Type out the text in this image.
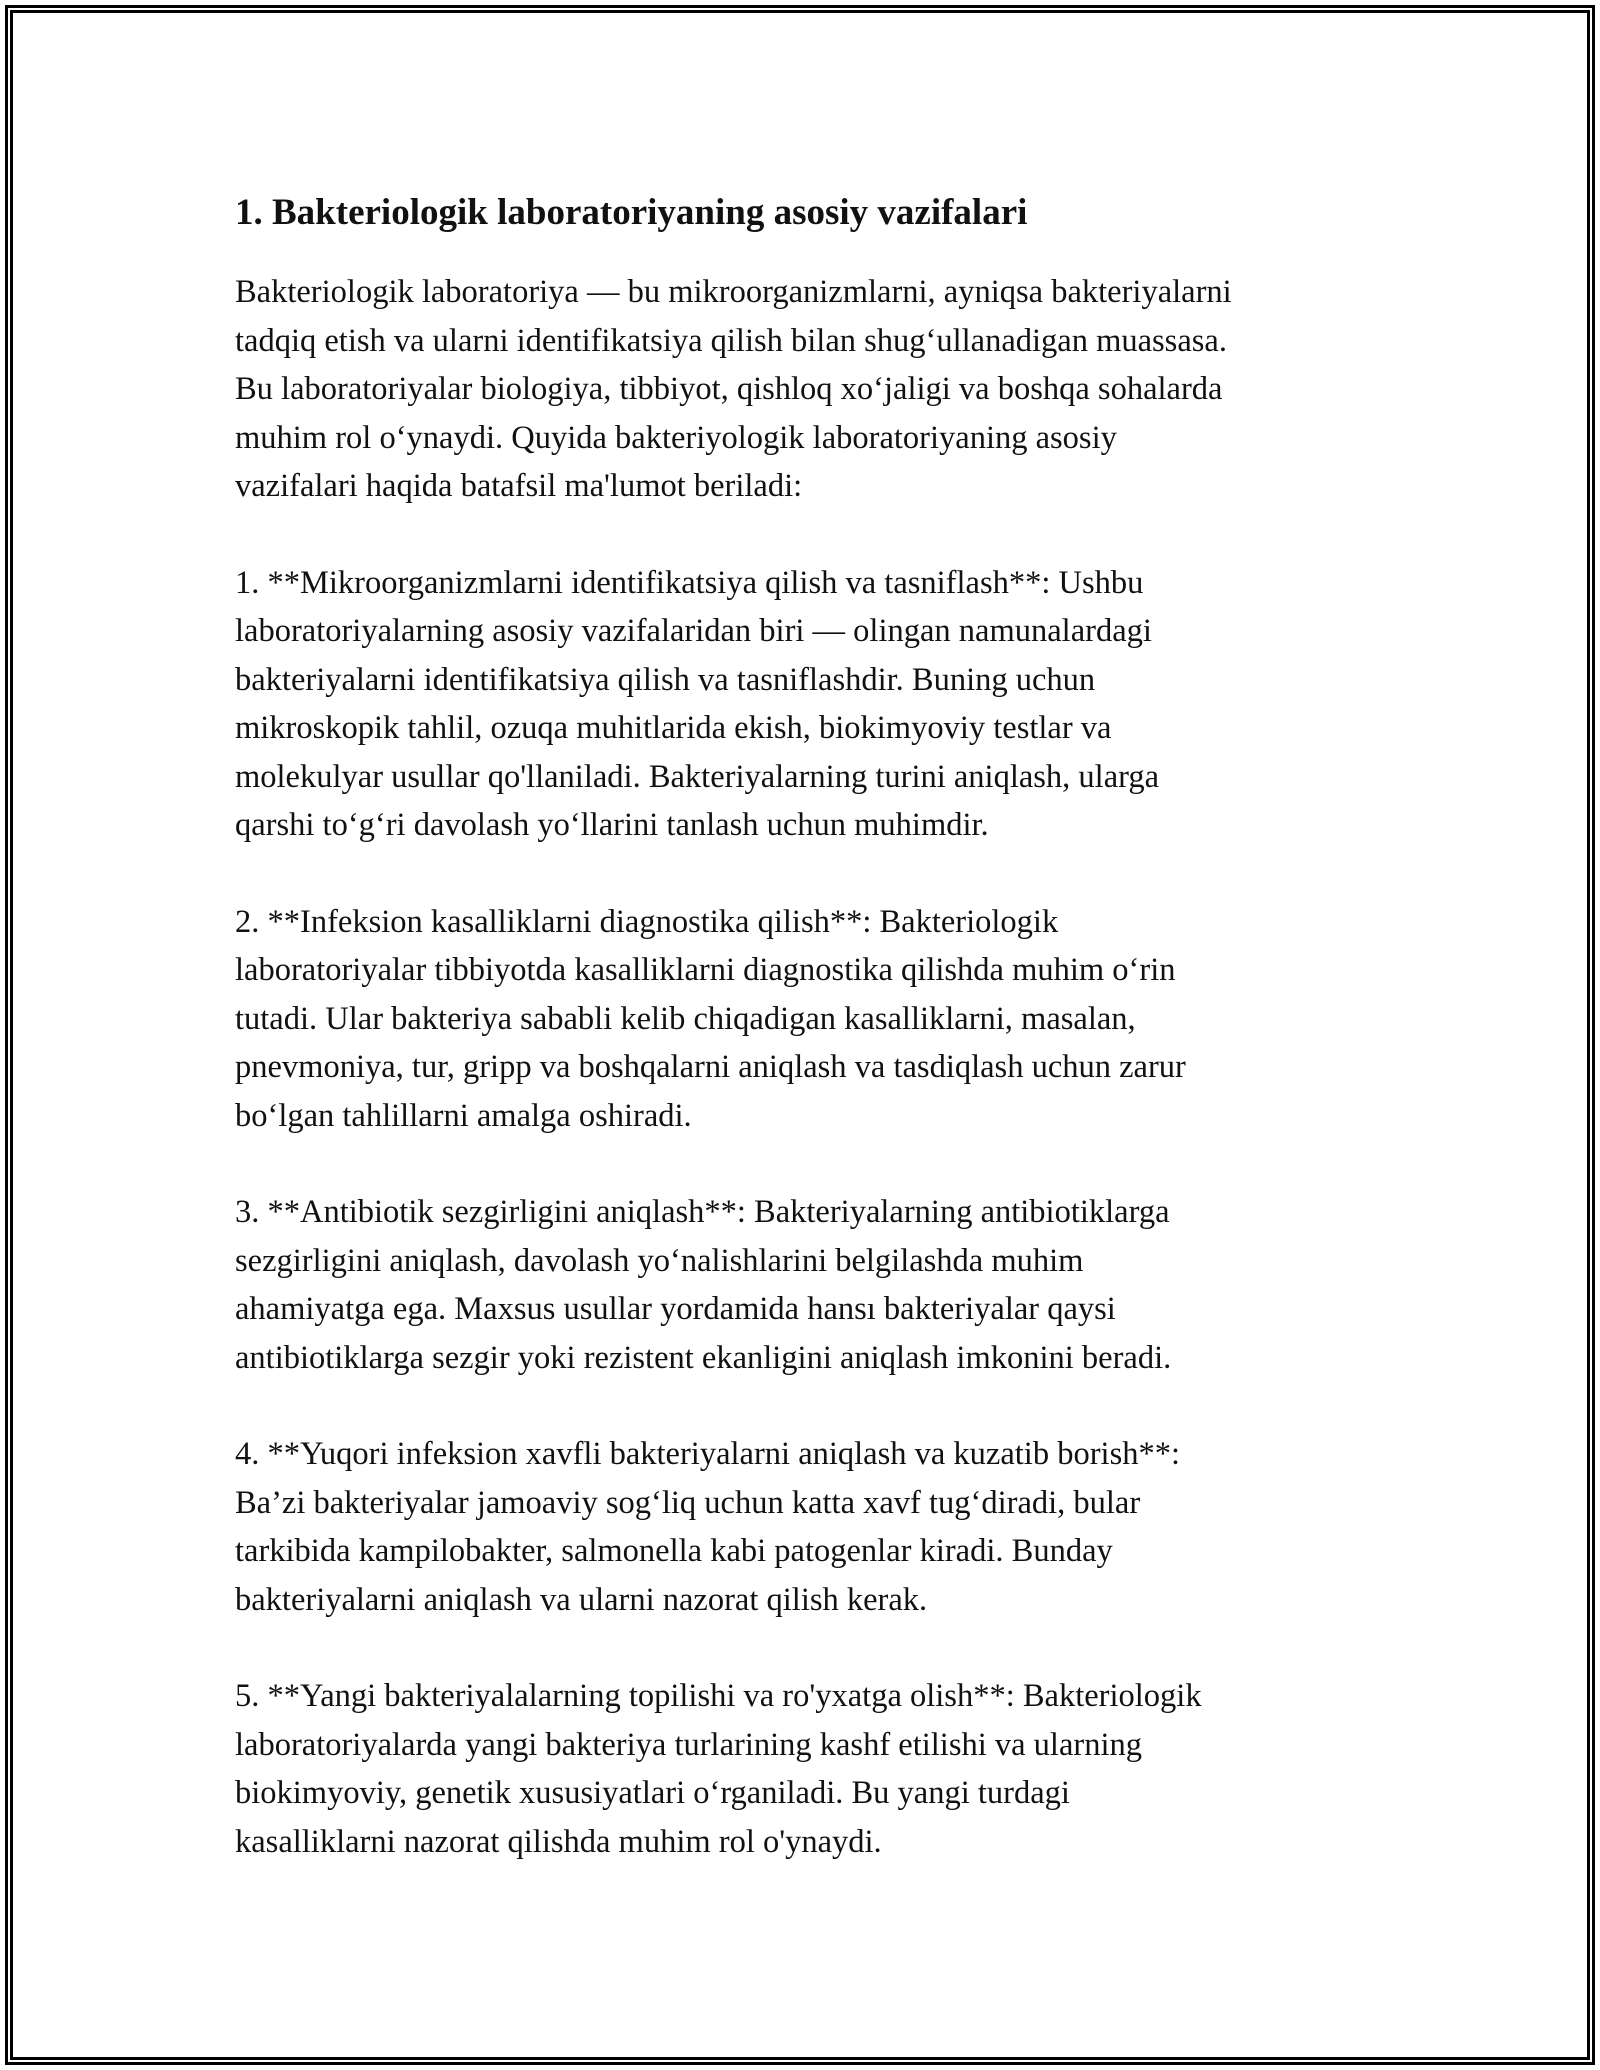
1. Bakteriologik laboratoriyaning asosiy vazifalari

Bakteriologik laboratoriya — bu mikroorganizmlarni, ayniqsa bakteriyalarni
tadqiq etish va ularni identifikatsiya qilish bilan shug‘ullanadigan muassasa.
Bu laboratoriyalar biologiya, tibbiyot, qishloq xo‘jaligi va boshqa sohalarda
muhim rol o‘ynaydi. Quyida bakteriyologik laboratoriyaning asosiy
vazifalari haqida batafsil ma'lumot beriladi:

1. **Mikroorganizmlarni identifikatsiya qilish va tasniflash**: Ushbu
laboratoriyalarning asosiy vazifalaridan biri — olingan namunalardagi
bakteriyalarni identifikatsiya qilish va tasniflashdir. Buning uchun
mikroskopik tahlil, ozuqa muhitlarida ekish, biokimyoviy testlar va
molekulyar usullar qo'llaniladi. Bakteriyalarning turini aniqlash, ularga
qarshi to‘g‘ri davolash yo‘llarini tanlash uchun muhimdir.

2. **Infeksion kasalliklarni diagnostika qilish**: Bakteriologik
laboratoriyalar tibbiyotda kasalliklarni diagnostika qilishda muhim o‘rin
tutadi. Ular bakteriya sababli kelib chiqadigan kasalliklarni, masalan,
pnevmoniya, tur, gripp va boshqalarni aniqlash va tasdiqlash uchun zarur
bo‘lgan tahlillarni amalga oshiradi.

3. **Antibiotik sezgirligini aniqlash**: Bakteriyalarning antibiotiklarga
sezgirligini aniqlash, davolash yo‘nalishlarini belgilashda muhim
ahamiyatga ega. Maxsus usullar yordamida hansı bakteriyalar qaysi
antibiotiklarga sezgir yoki rezistent ekanligini aniqlash imkonini beradi.

4. **Yuqori infeksion xavfli bakteriyalarni aniqlash va kuzatib borish**:
Ba’zi bakteriyalar jamoaviy sog‘liq uchun katta xavf tug‘diradi, bular
tarkibida kampilobakter, salmonella kabi patogenlar kiradi. Bunday
bakteriyalarni aniqlash va ularni nazorat qilish kerak.

5. **Yangi bakteriyalalarning topilishi va ro'yxatga olish**: Bakteriologik
laboratoriyalarda yangi bakteriya turlarining kashf etilishi va ularning
biokimyoviy, genetik xususiyatlari o‘rganiladi. Bu yangi turdagi
kasalliklarni nazorat qilishda muhim rol o'ynaydi.
